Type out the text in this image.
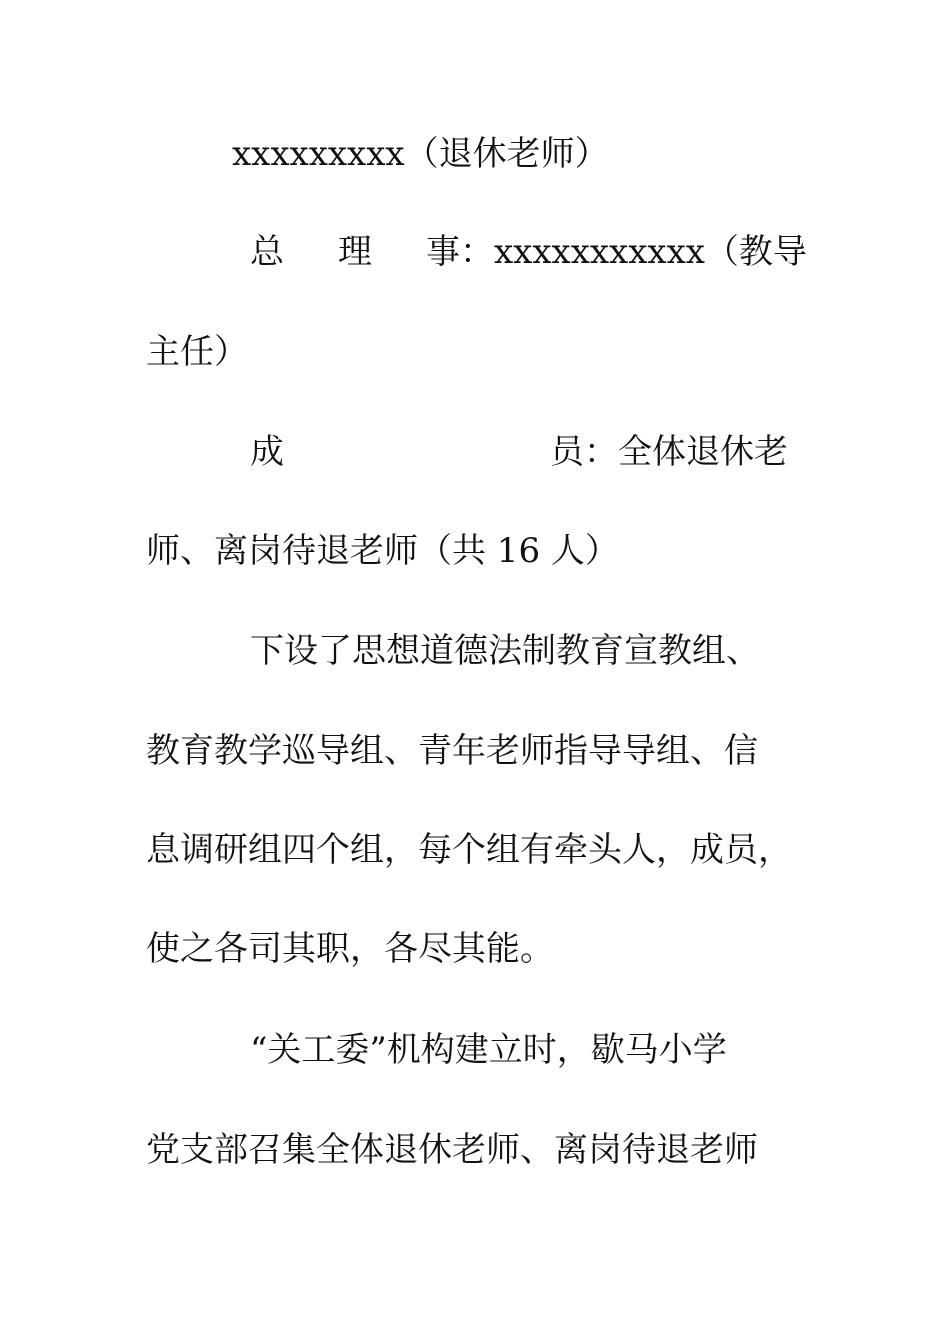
xxxxxxxxx（退休老师）
总 理 事：xxxxxxxxxxx（教导
主任）
成	员：全体退休老
师、离岗待退老师（共 16 人）
下设了思想道德法制教育宣教组、
教育教学巡导组、青年老师指导导组、信
息调研组四个组，每个组有牵头人，成员，
使之各司其职，各尽其能。
“关工委”机构建立时，歇马小学
党支部召集全体退休老师、离岗待退老师
